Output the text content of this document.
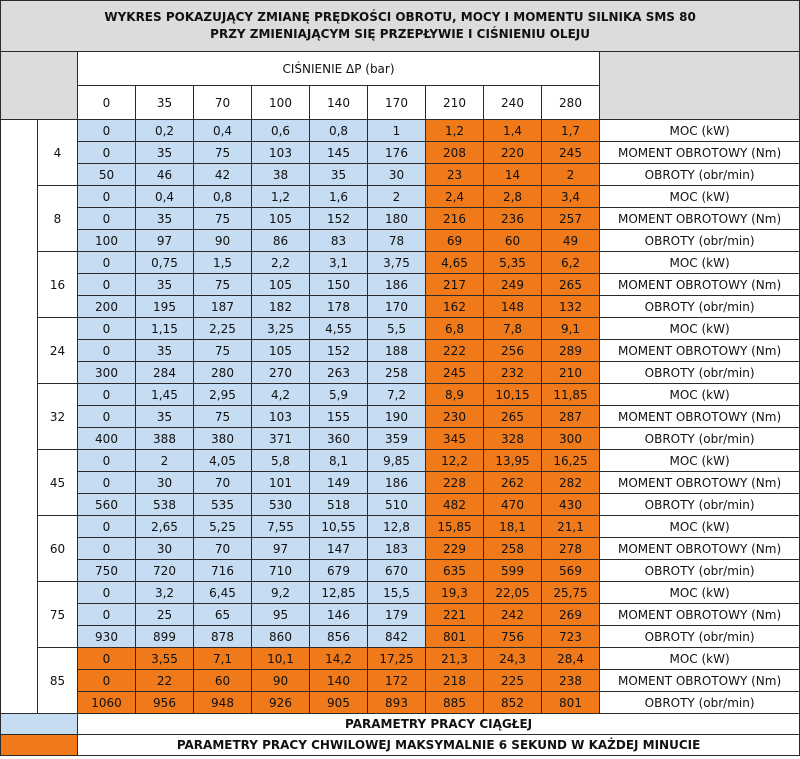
WYKRES POKAZUJĄCY ZMIANĘ PRĘDKOŚCI OBROTU, MOCY I MOMENTU SILNIKA SMS 80
PRZY ZMIENIAJĄCYM SIĘ PRZEPŁYWIE I CIŚNIENIU OLEJU											

		CIŚNIENIE ΔP (bar)									
		0	35	70	100	140	170	210	240	280	
	4	0	0,2	0,4	0,6	0,8	1	1,2	1,4	1,7	MOC (kW)
		0	35	75	103	145	176	208	220	245	MOMENT OBROTOWY (Nm)
		50	46	42	38	35	30	23	14	2	OBROTY (obr/min)
	8	0	0,4	0,8	1,2	1,6	2	2,4	2,8	3,4	MOC (kW)
		0	35	75	105	152	180	216	236	257	MOMENT OBROTOWY (Nm)
		100	97	90	86	83	78	69	60	49	OBROTY (obr/min)
	16	0	0,75	1,5	2,2	3,1	3,75	4,65	5,35	6,2	MOC (kW)
		0	35	75	105	150	186	217	249	265	MOMENT OBROTOWY (Nm)
		200	195	187	182	178	170	162	148	132	OBROTY (obr/min)
	24	0	1,15	2,25	3,25	4,55	5,5	6,8	7,8	9,1	MOC (kW)
		0	35	75	105	152	188	222	256	289	MOMENT OBROTOWY (Nm)
		300	284	280	270	263	258	245	232	210	OBROTY (obr/min)
	32	0	1,45	2,95	4,2	5,9	7,2	8,9	10,15	11,85	MOC (kW)
		0	35	75	103	155	190	230	265	287	MOMENT OBROTOWY (Nm)
		400	388	380	371	360	359	345	328	300	OBROTY (obr/min)
	45	0	2	4,05	5,8	8,1	9,85	12,2	13,95	16,25	MOC (kW)
		0	30	70	101	149	186	228	262	282	MOMENT OBROTOWY (Nm)
		560	538	535	530	518	510	482	470	430	OBROTY (obr/min)
	60	0	2,65	5,25	7,55	10,55	12,8	15,85	18,1	21,1	MOC (kW)
		0	30	70	97	147	183	229	258	278	MOMENT OBROTOWY (Nm)
		750	720	716	710	679	670	635	599	569	OBROTY (obr/min)
	75	0	3,2	6,45	9,2	12,85	15,5	19,3	22,05	25,75	MOC (kW)
		0	25	65	95	146	179	221	242	269	MOMENT OBROTOWY (Nm)
		930	899	878	860	856	842	801	756	723	OBROTY (obr/min)
	85	0	3,55	7,1	10,1	14,2	17,25	21,3	24,3	28,4	MOC (kW)
		0	22	60	90	140	172	218	225	238	MOMENT OBROTOWY (Nm)
		1060	956	948	926	905	893	885	852	801	OBROTY (obr/min)
		PARAMETRY PRACY CIĄGŁEJ									
		PARAMETRY PRACY CHWILOWEJ MAKSYMALNIE 6 SEKUND W KAŻDEJ MINUCIE									
